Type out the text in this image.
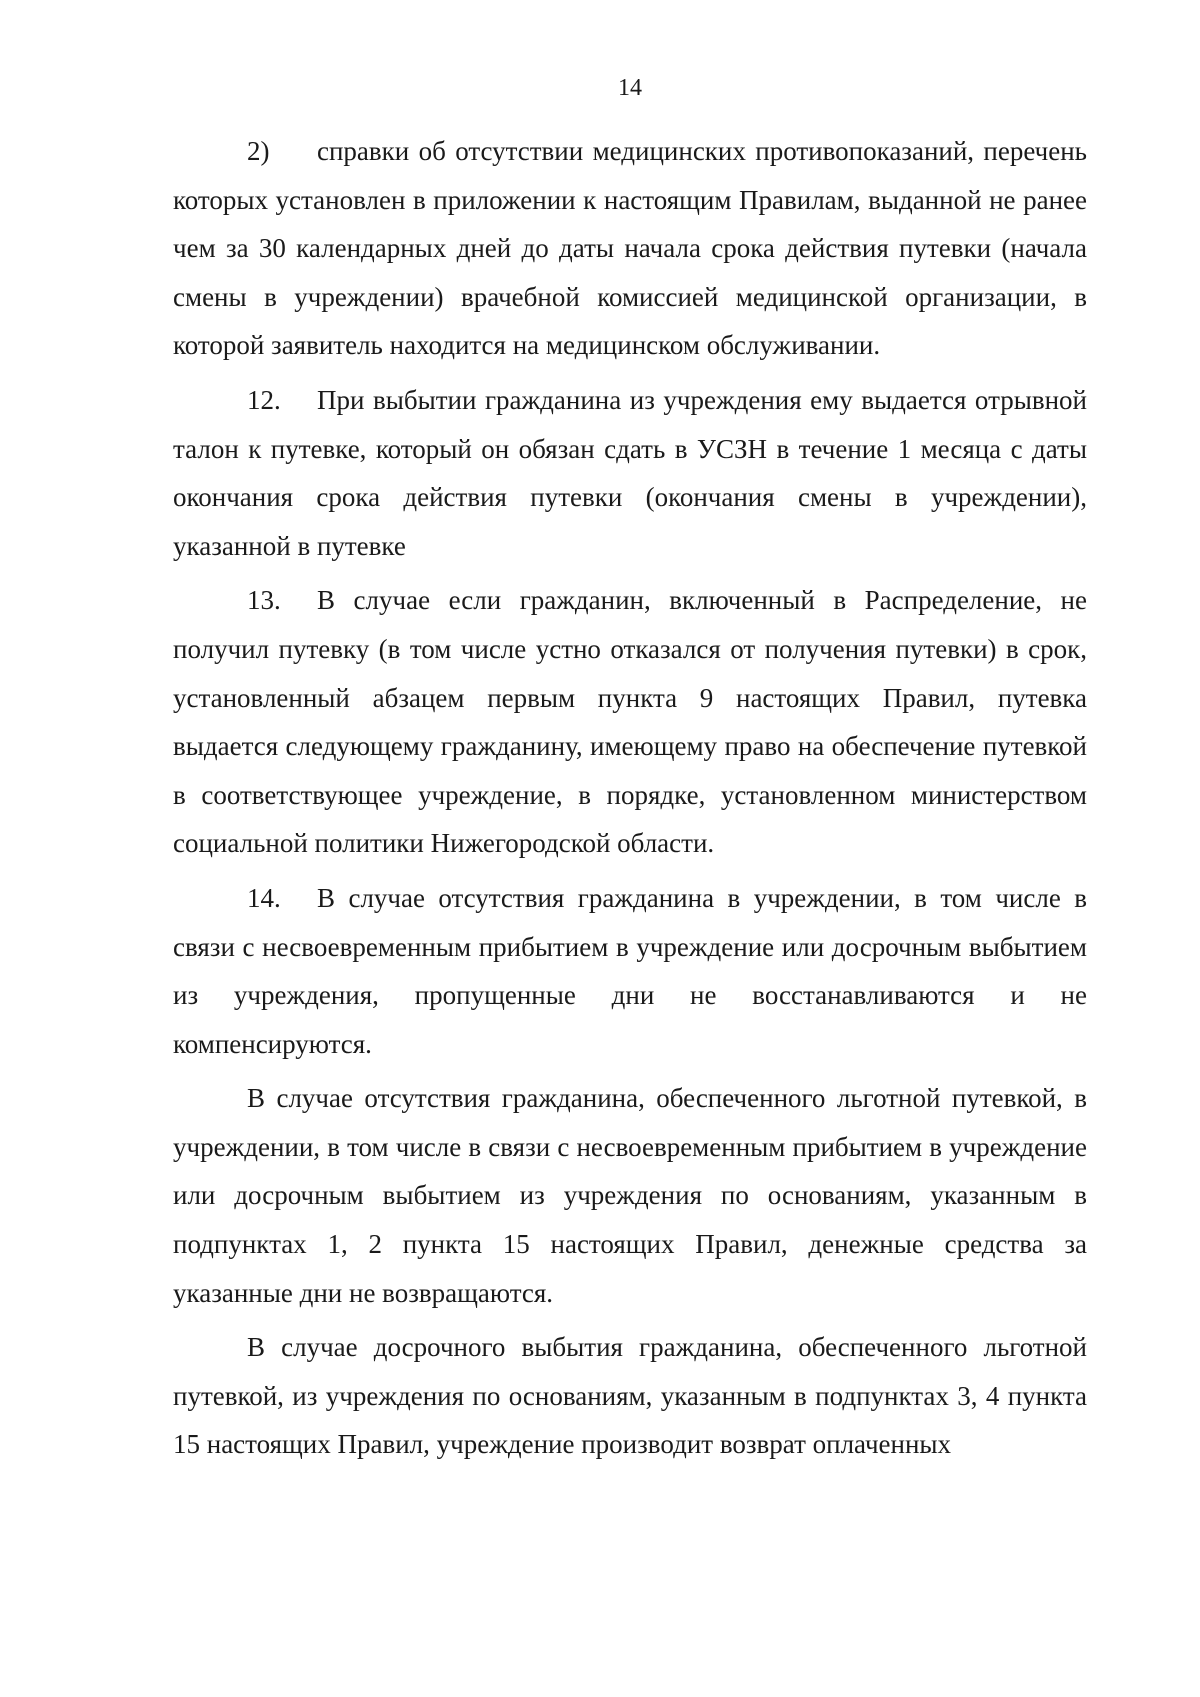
14

2) справки об отсутствии медицинских противопоказаний, перечень которых установлен в приложении к настоящим Правилам, выданной не ранее чем за 30 календарных дней до даты начала срока действия путевки (начала смены в учреждении) врачебной комиссией медицинской организации, в которой заявитель находится на медицинском обслуживании.

12. При выбытии гражданина из учреждения ему выдается отрывной талон к путевке, который он обязан сдать в УСЗН в течение 1 месяца с даты окончания срока действия путевки (окончания смены в учреждении), указанной в путевке

13. В случае если гражданин, включенный в Распределение, не получил путевку (в том числе устно отказался от получения путевки) в срок, установленный абзацем первым пункта 9 настоящих Правил, путевка выдается следующему гражданину, имеющему право на обеспечение путевкой в соответствующее учреждение, в порядке, установленном министерством социальной политики Нижегородской области.

14. В случае отсутствия гражданина в учреждении, в том числе в связи с несвоевременным прибытием в учреждение или досрочным выбытием из учреждения, пропущенные дни не восстанавливаются и не компенсируются.

В случае отсутствия гражданина, обеспеченного льготной путевкой, в учреждении, в том числе в связи с несвоевременным прибытием в учреждение или досрочным выбытием из учреждения по основаниям, указанным в подпунктах 1, 2 пункта 15 настоящих Правил, денежные средства за указанные дни не возвращаются.

В случае досрочного выбытия гражданина, обеспеченного льготной путевкой, из учреждения по основаниям, указанным в подпунктах 3, 4 пункта 15 настоящих Правил, учреждение производит возврат оплаченных
